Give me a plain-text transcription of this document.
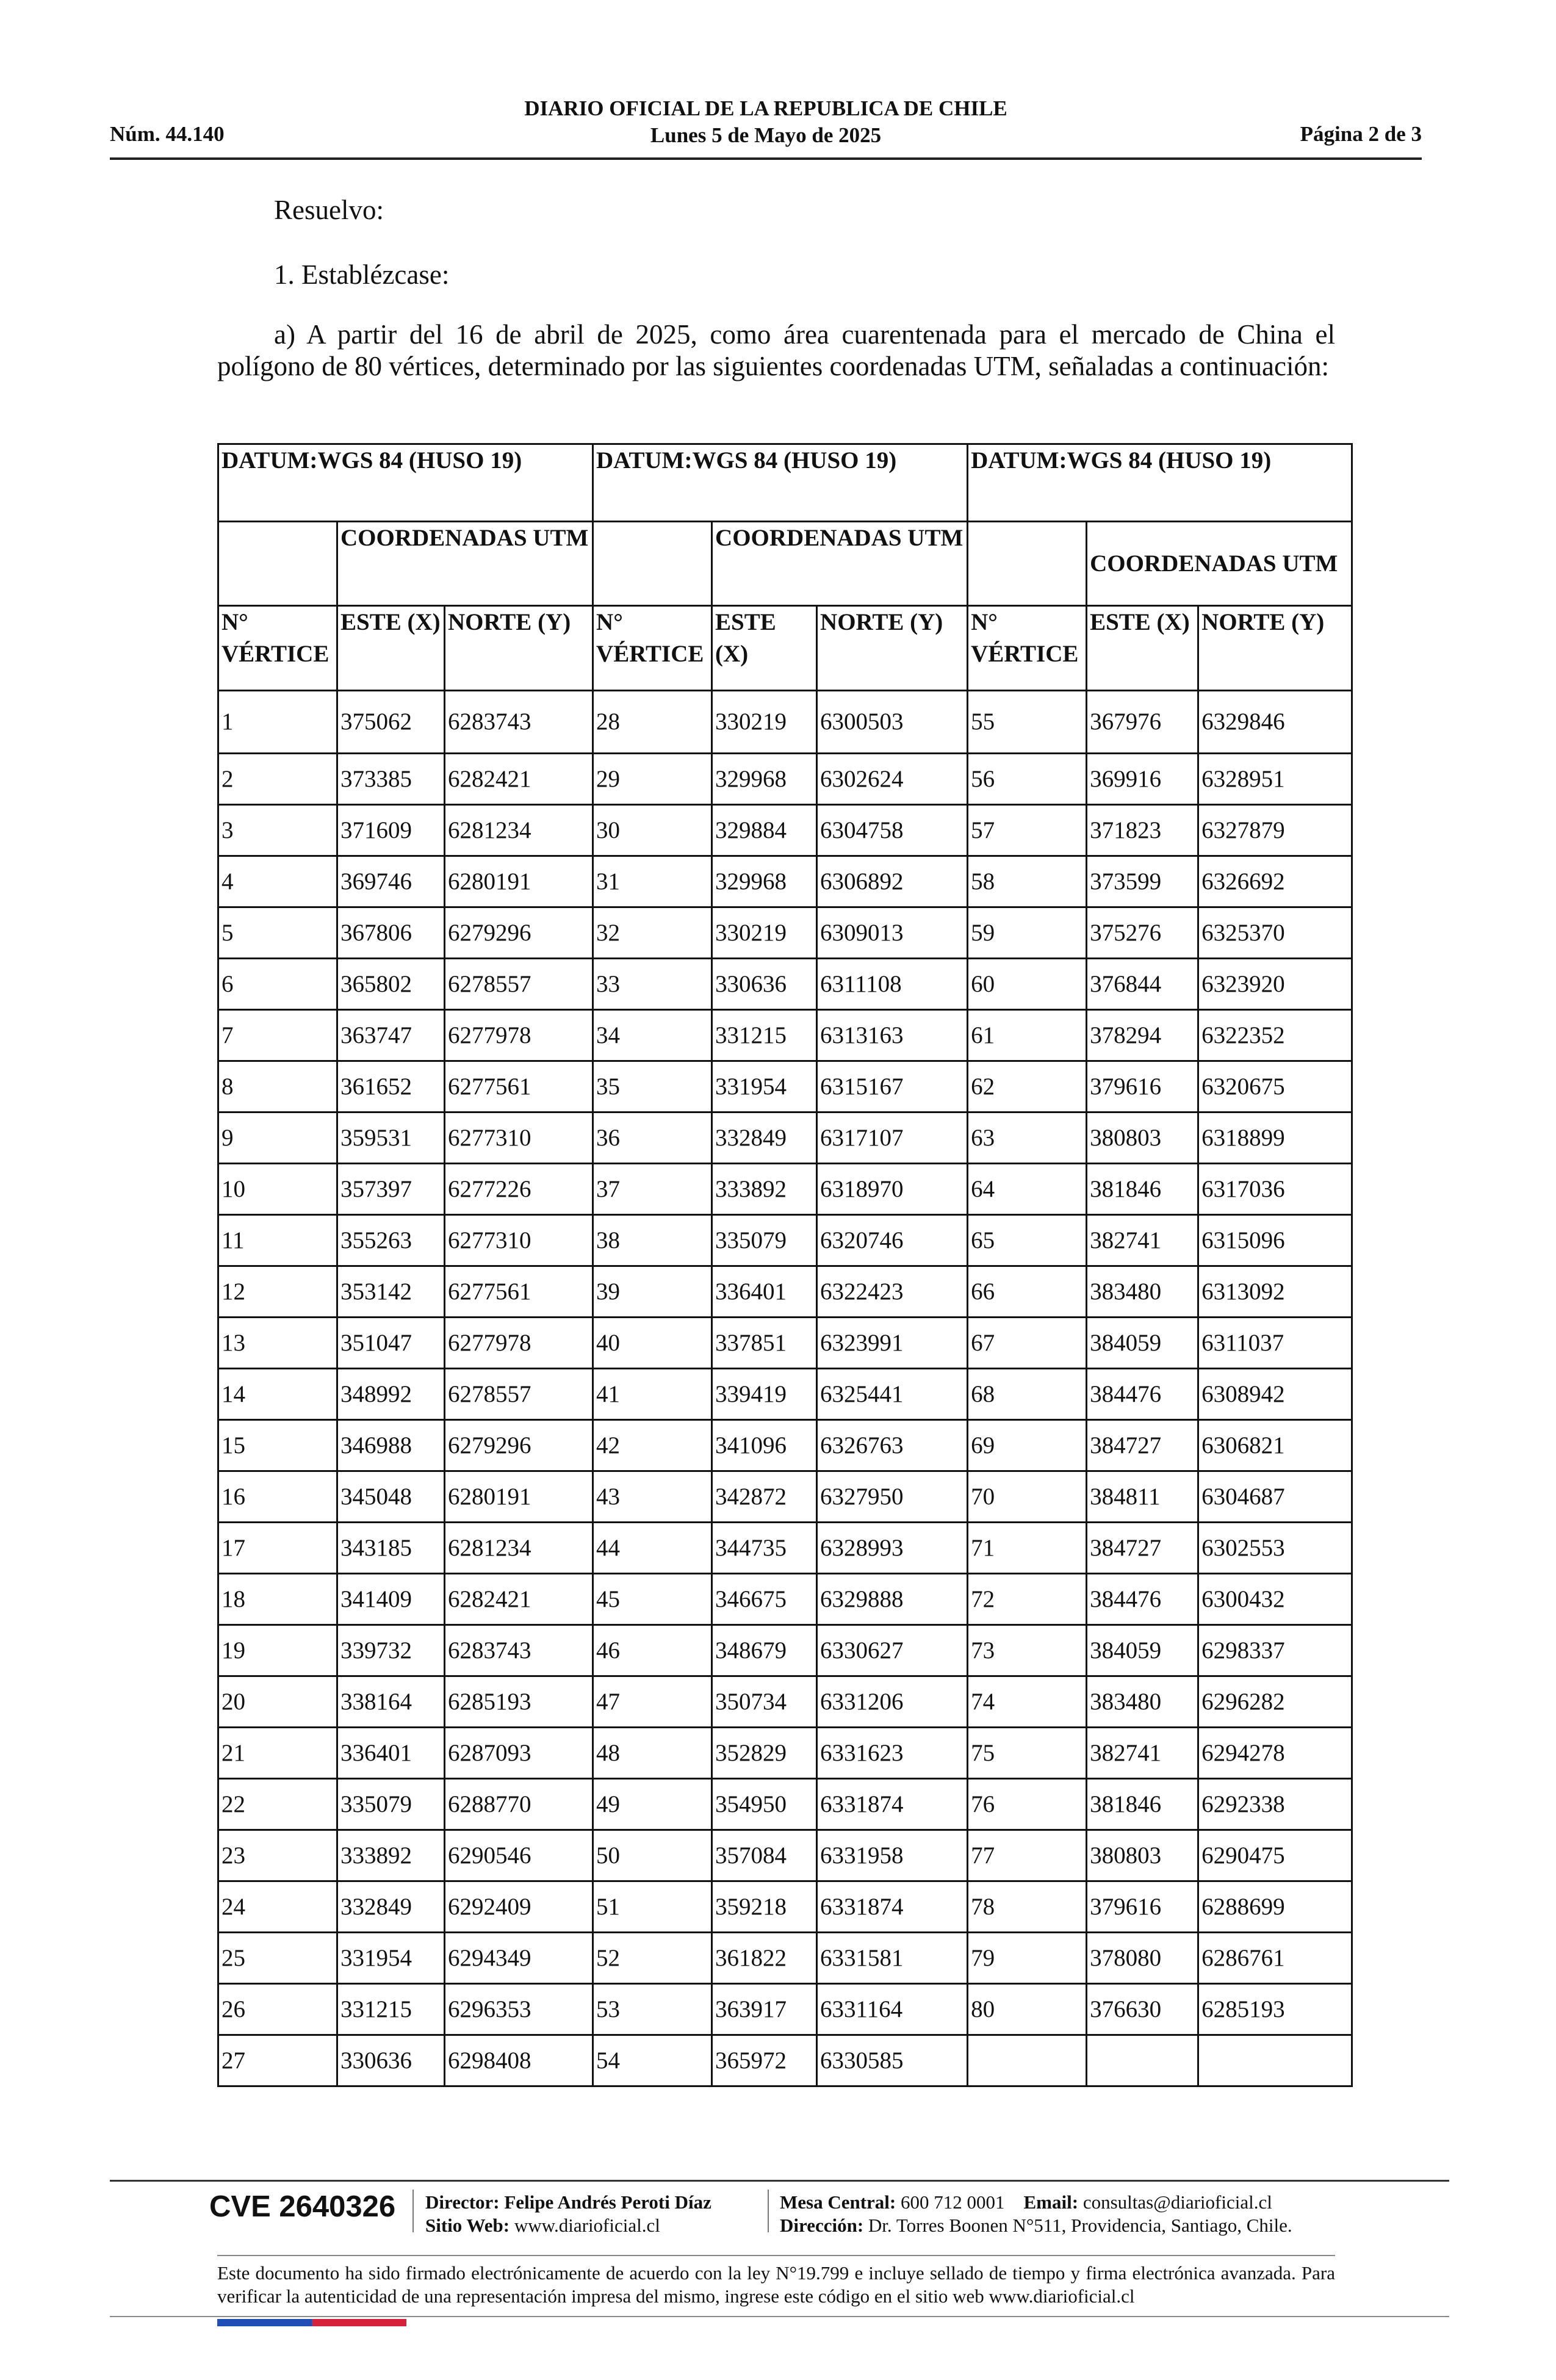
Núm. 44.140
DIARIO OFICIAL DE LA REPUBLICA DE CHILE
Lunes 5 de Mayo de 2025	Página 2 de 3
Resuelvo:
1. Establézcase:
a) A partir del 16 de abril de 2025, como área cuarentenada para el mercado de China el polígono de 80 vértices, determinado por las siguientes coordenadas UTM, señaladas a continuación:
DATUM:WGS 84 (HUSO 19)			DATUM:WGS 84 (HUSO 19)			DATUM:WGS 84 (HUSO 19)		
	COORDENADAS UTM			COORDENADAS UTM			COORDENADAS UTM	
N° VÉRTICE	ESTE (X)	NORTE (Y)	N° VÉRTICE	ESTE (X)	NORTE (Y)	N° VÉRTICE	ESTE (X)	NORTE (Y)
1	375062	6283743	28	330219	6300503	55	367976	6329846
2	373385	6282421	29	329968	6302624	56	369916	6328951
3	371609	6281234	30	329884	6304758	57	371823	6327879
4	369746	6280191	31	329968	6306892	58	373599	6326692
5	367806	6279296	32	330219	6309013	59	375276	6325370
6	365802	6278557	33	330636	6311108	60	376844	6323920
7	363747	6277978	34	331215	6313163	61	378294	6322352
8	361652	6277561	35	331954	6315167	62	379616	6320675
9	359531	6277310	36	332849	6317107	63	380803	6318899
10	357397	6277226	37	333892	6318970	64	381846	6317036
11	355263	6277310	38	335079	6320746	65	382741	6315096
12	353142	6277561	39	336401	6322423	66	383480	6313092
13	351047	6277978	40	337851	6323991	67	384059	6311037
14	348992	6278557	41	339419	6325441	68	384476	6308942
15	346988	6279296	42	341096	6326763	69	384727	6306821
16	345048	6280191	43	342872	6327950	70	384811	6304687
17	343185	6281234	44	344735	6328993	71	384727	6302553
18	341409	6282421	45	346675	6329888	72	384476	6300432
19	339732	6283743	46	348679	6330627	73	384059	6298337
20	338164	6285193	47	350734	6331206	74	383480	6296282
21	336401	6287093	48	352829	6331623	75	382741	6294278
22	335079	6288770	49	354950	6331874	76	381846	6292338
23	333892	6290546	50	357084	6331958	77	380803	6290475
24	332849	6292409	51	359218	6331874	78	379616	6288699
25	331954	6294349	52	361822	6331581	79	378080	6286761
26	331215	6296353	53	363917	6331164	80	376630	6285193
27	330636	6298408	54	365972	6330585			
CVE 2640326 Director: Felipe Andrés Peroti Díaz
Sitio Web: www.diarioficial.cl
Mesa Central: 600 712 0001 Email: consultas@diarioficial.cl
Dirección: Dr. Torres Boonen N°511, Providencia, Santiago, Chile.
Este documento ha sido firmado electrónicamente de acuerdo con la ley N°19.799 e incluye sellado de tiempo y firma electrónica avanzada. Para verificar la autenticidad de una representación impresa del mismo, ingrese este código en el sitio web www.diarioficial.cl
